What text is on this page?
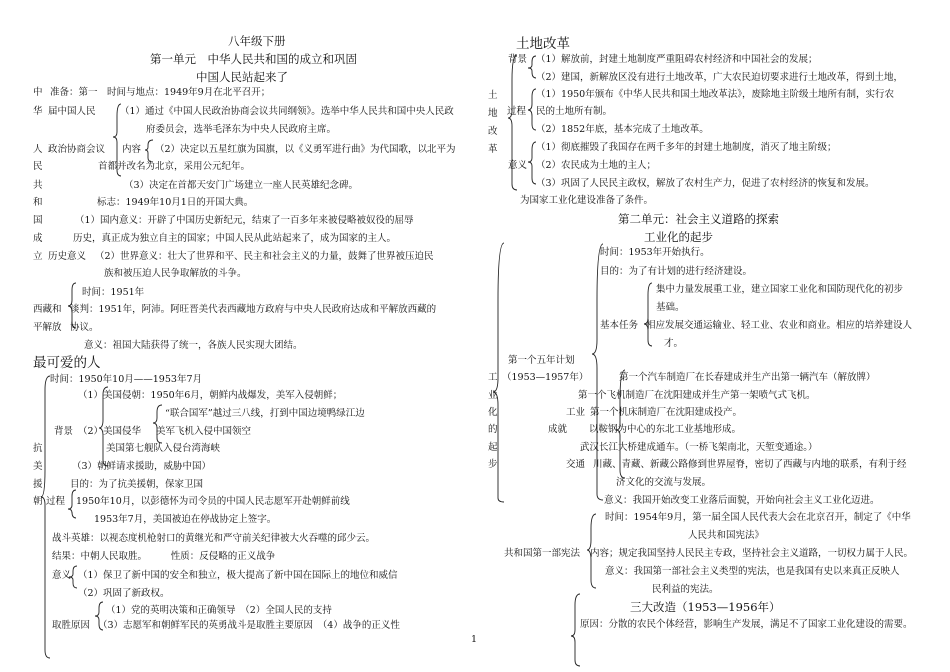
八年级下册
第一单元　中华人民共和国的成立和巩固
中国人民站起来了
中
华
人
民
共
和
国
成
立
准备：第一 时间与地点：1949年9月在北平召开；
届中国人民
政治协商会议
（1）通过《中国人民政治协商会议共同纲领》。选举中华人民共和国中央人民政
府委员会，选举毛泽东为中央人民政府主席。
内容 （2）决定以五星红旗为国旗，以《义勇军进行曲》为代国歌，以北平为
首都并改名为北京，采用公元纪年。
（3）决定在首都天安门广场建立一座人民英雄纪念碑。
标志：1949年10月1日的开国大典。
（1）国内意义：开辟了中国历史新纪元，结束了一百多年来被侵略被奴役的屈辱
历史，真正成为独立自主的国家；中国人民从此站起来了，成为国家的主人。
历史意义 （2）世界意义：壮大了世界和平、民主和社会主义的力量，鼓舞了世界被压迫民
族和被压迫人民争取解放的斗争。
时间：1951年
西藏和 谈判：1951年，阿沛。阿旺晋美代表西藏地方政府与中央人民政府达成和平解放西藏的
平解放 协议。
意义：祖国大陆获得了统一，各族人民实现大团结。
最可爱的人
时间：1950年10月——1953年7月
（1）美国侵朝：1950年6月，朝鲜内战爆发，美军入侵朝鲜；
“联合国军”越过三八线，打到中国边境鸭绿江边
背景 （2）美国侵华 美军飞机入侵中国领空
美国第七舰队入侵台湾海峡
（3）朝鲜请求援助，威胁中国）
目的：为了抗美援朝，保家卫国
抗
美
援
朝 过程 1950年10月，以彭德怀为司令员的中国人民志愿军开赴朝鲜前线
1953年7月，美国被迫在停战协定上签字。
战斗英雄：以视态度机枪射口的黄继光和严守前关纪律被大火吞噬的邱少云。
结果：中朝人民取胜。　　　性质：反侵略的正义战争
意义 （1）保卫了新中国的安全和独立，极大提高了新中国在国际上的地位和威信
（2）巩固了新政权。
（1）党的英明决策和正确领导　（2）全国人民的支持
取胜原因 （3）志愿军和朝鲜军民的英勇战斗是取胜主要原因　（4）战争的正义性
1
土地改革
土
地
改
革
背景 （1）解放前，封建土地制度严重阻碍农村经济和中国社会的发展；
（2）建国，新解放区没有进行土地改革，广大农民迫切要求进行土地改革，得到土地，
（1）1950年颁布《中华人民共和国土地改革法》，废除地主阶级土地所有制，实行农
过程 民的土地所有制。
（2）1852年底，基本完成了土地改革。
（1）彻底摧毁了我国存在两千多年的封建土地制度，消灭了地主阶级；
意义 （2）农民成为土地的主人；
（3）巩固了人民民主政权，解放了农村生产力，促进了农村经济的恢复和发展。
为国家工业化建设准备了条件。
第二单元：社会主义道路的探索
工业化的起步
时间：1953年开始执行。
目的：为了有计划的进行经济建设。
集中力量发展重工业，建立国家工业化和国防现代化的初步
基础。
基本任务 相应发展交通运输业、轻工业、农业和商业。相应的培养建设人
才。
第一个五年计划
（1953—1957年）
工
业
化
的
起
步
第一个汽车制造厂在长春建成并生产出第一辆汽车（解放牌）
第一个飞机制造厂在沈阳建成并生产第一架喷气式飞机。
工业 第一个机床制造厂在沈阳建成投产。
成就 以鞍钢为中心的东北工业基地形成。
武汉长江大桥建成通车。（一桥飞架南北，天堑变通途。）
交通 川藏、青藏、新藏公路修到世界屋脊，密切了西藏与内地的联系，有利于经
济文化的交流与发展。
意义：我国开始改变工业落后面貌，开始向社会主义工业化迈进。
时间：1954年9月，第一届全国人民代表大会在北京召开，制定了《中华
人民共和国宪法》
共和国第一部宪法 内容；规定我国坚持人民民主专政，坚持社会主义道路，一切权力属于人民。
意义：我国第一部社会主义类型的宪法，也是我国有史以来真正反映人
民利益的宪法。
三大改造（1953—1956年）
原因：分散的农民个体经营，影响生产发展，满足不了国家工业化建设的需要。
